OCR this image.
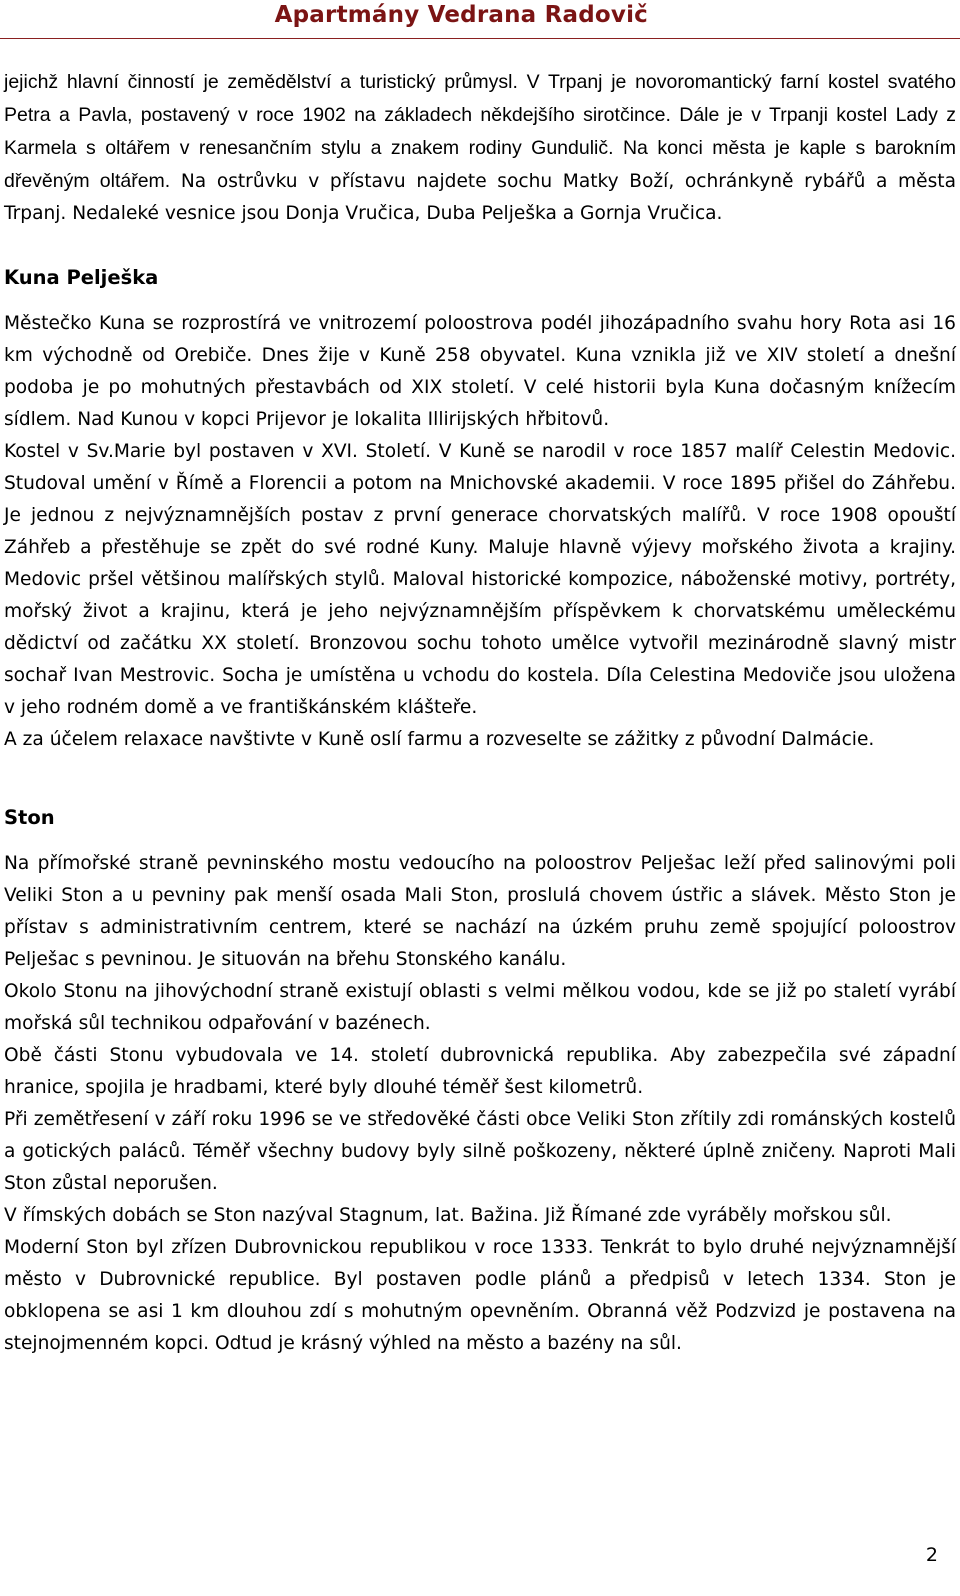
Apartmány Vedrana Radovič

jejichž hlavní činností je zemědělství a turistický průmysl. V Trpanj je novoromantický farní kostel svatého Petra a Pavla, postavený v roce 1902 na základech někdejšího sirotčince. Dále je v Trpanji kostel Lady z Karmela s oltářem v renesančním stylu a znakem rodiny Gundulič. Na konci města je kaple s barokním dřevěným oltářem. Na ostrůvku v přístavu najdete sochu Matky Boží, ochránkyně rybářů a města Trpanj. Nedaleké vesnice jsou Donja Vručica, Duba Pelješka a Gornja Vručica.

Kuna Pelješka

Městečko Kuna se rozprostírá ve vnitrozemí poloostrova podél jihozápadního svahu hory Rota asi 16 km východně od Orebiče. Dnes žije v Kuně 258 obyvatel. Kuna vznikla již ve XIV století a dnešní podoba je po mohutných přestavbách od XIX století. V celé historii byla Kuna dočasným knížecím sídlem. Nad Kunou v kopci Prijevor je lokalita Illirijských hřbitovů.

Kostel v Sv.Marie byl postaven v XVI. Století. V Kuně se narodil v roce 1857 malíř Celestin Medovic. Studoval umění v Římě a Florencii a potom na Mnichovské akademii. V roce 1895 přišel do Záhřebu. Je jednou z nejvýznamnějších postav z první generace chorvatských malířů. V roce 1908 opouští Záhřeb a přestěhuje se zpět do své rodné Kuny. Maluje hlavně výjevy mořského života a krajiny. Medovic pršel většinou malířských stylů. Maloval historické kompozice, náboženské motivy, portréty, mořský život a krajinu, která je jeho nejvýznamnějším příspěvkem k chorvatskému uměleckému dědictví od začátku XX století. Bronzovou sochu tohoto umělce vytvořil mezinárodně slavný mistr sochař Ivan Mestrovic. Socha je umístěna u vchodu do kostela. Díla Celestina Medoviče jsou uložena v jeho rodném domě a ve františkánském klášteře.

A za účelem relaxace navštivte v Kuně oslí farmu a rozveselte se zážitky z původní Dalmácie.

Ston

Na přímořské straně pevninského mostu vedoucího na poloostrov Pelješac leží před salinovými poli Veliki Ston a u pevniny pak menší osada Mali Ston, proslulá chovem ústřic a slávek. Město Ston je přístav s administrativním centrem, které se nachází na úzkém pruhu země spojující poloostrov Pelješac s pevninou. Je situován na břehu Stonského kanálu.

Okolo Stonu na jihovýchodní straně existují oblasti s velmi mělkou vodou, kde se již po staletí vyrábí mořská sůl technikou odpařování v bazénech.

Obě části Stonu vybudovala ve 14. století dubrovnická republika. Aby zabezpečila své západní hranice, spojila je hradbami, které byly dlouhé téměř šest kilometrů.

Při zemětřesení v září roku 1996 se ve středověké části obce Veliki Ston zřítily zdi románských kostelů a gotických paláců. Téměř všechny budovy byly silně poškozeny, některé úplně zničeny. Naproti Mali Ston zůstal neporušen.

V římských dobách se Ston nazýval Stagnum, lat. Bažina. Již Římané zde vyráběly mořskou sůl.

Moderní Ston byl zřízen Dubrovnickou republikou v roce 1333. Tenkrát to bylo druhé nejvýznamnější město v Dubrovnické republice. Byl postaven podle plánů a předpisů v letech 1334. Ston je obklopena se asi 1 km dlouhou zdí s mohutným opevněním. Obranná věž Podzvizd je postavena na stejnojmenném kopci. Odtud je krásný výhled na město a bazény na sůl.

2
